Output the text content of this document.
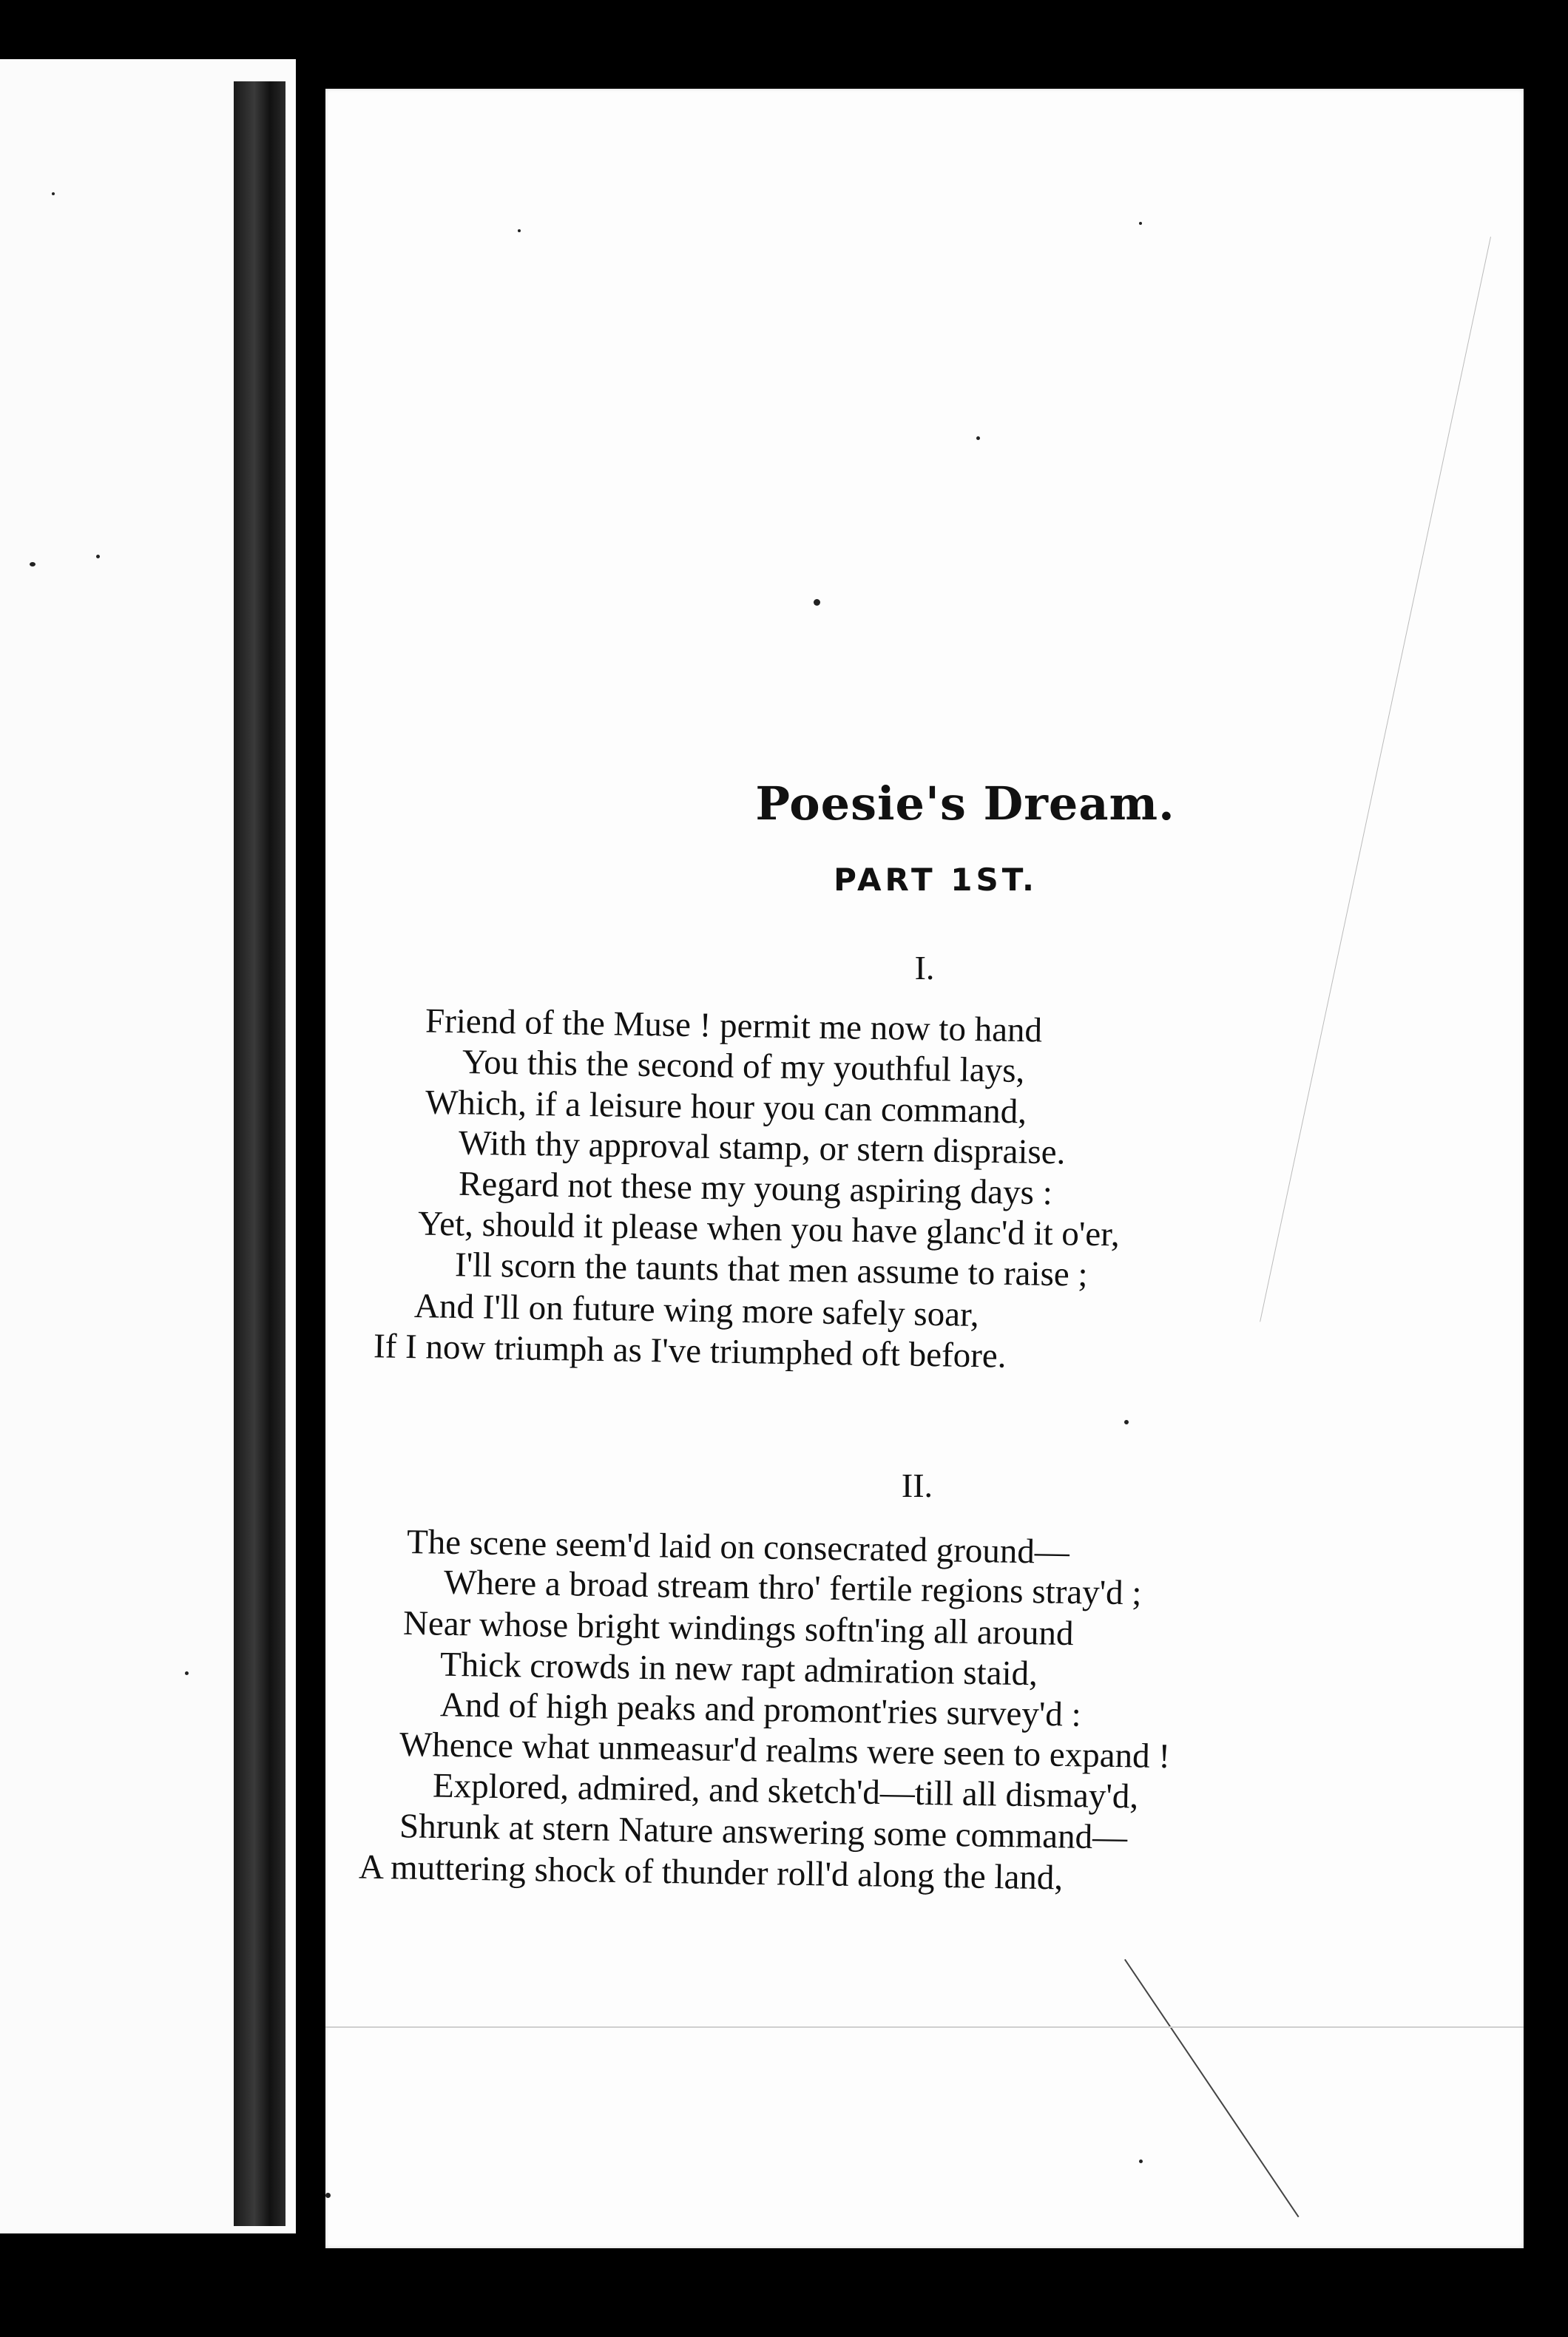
Poesie's Dream.
PART 1ST.
I.
Friend of the Muse ! permit me now to hand
You this the second of my youthful lays,
Which, if a leisure hour you can command,
With thy approval stamp, or stern dispraise.
Regard not these my young aspiring days :
Yet, should it please when you have glanc'd it o'er,
I'll scorn the taunts that men assume to raise ;
And I'll on future wing more safely soar,
If I now triumph as I've triumphed oft before.
II.
The scene seem'd laid on consecrated ground—
Where a broad stream thro' fertile regions stray'd ;
Near whose bright windings softn'ing all around
Thick crowds in new rapt admiration staid,
And of high peaks and promont'ries survey'd :
Whence what unmeasur'd realms were seen to expand !
Explored, admired, and sketch'd—till all dismay'd,
Shrunk at stern Nature answering some command—
A muttering shock of thunder roll'd along the land,
